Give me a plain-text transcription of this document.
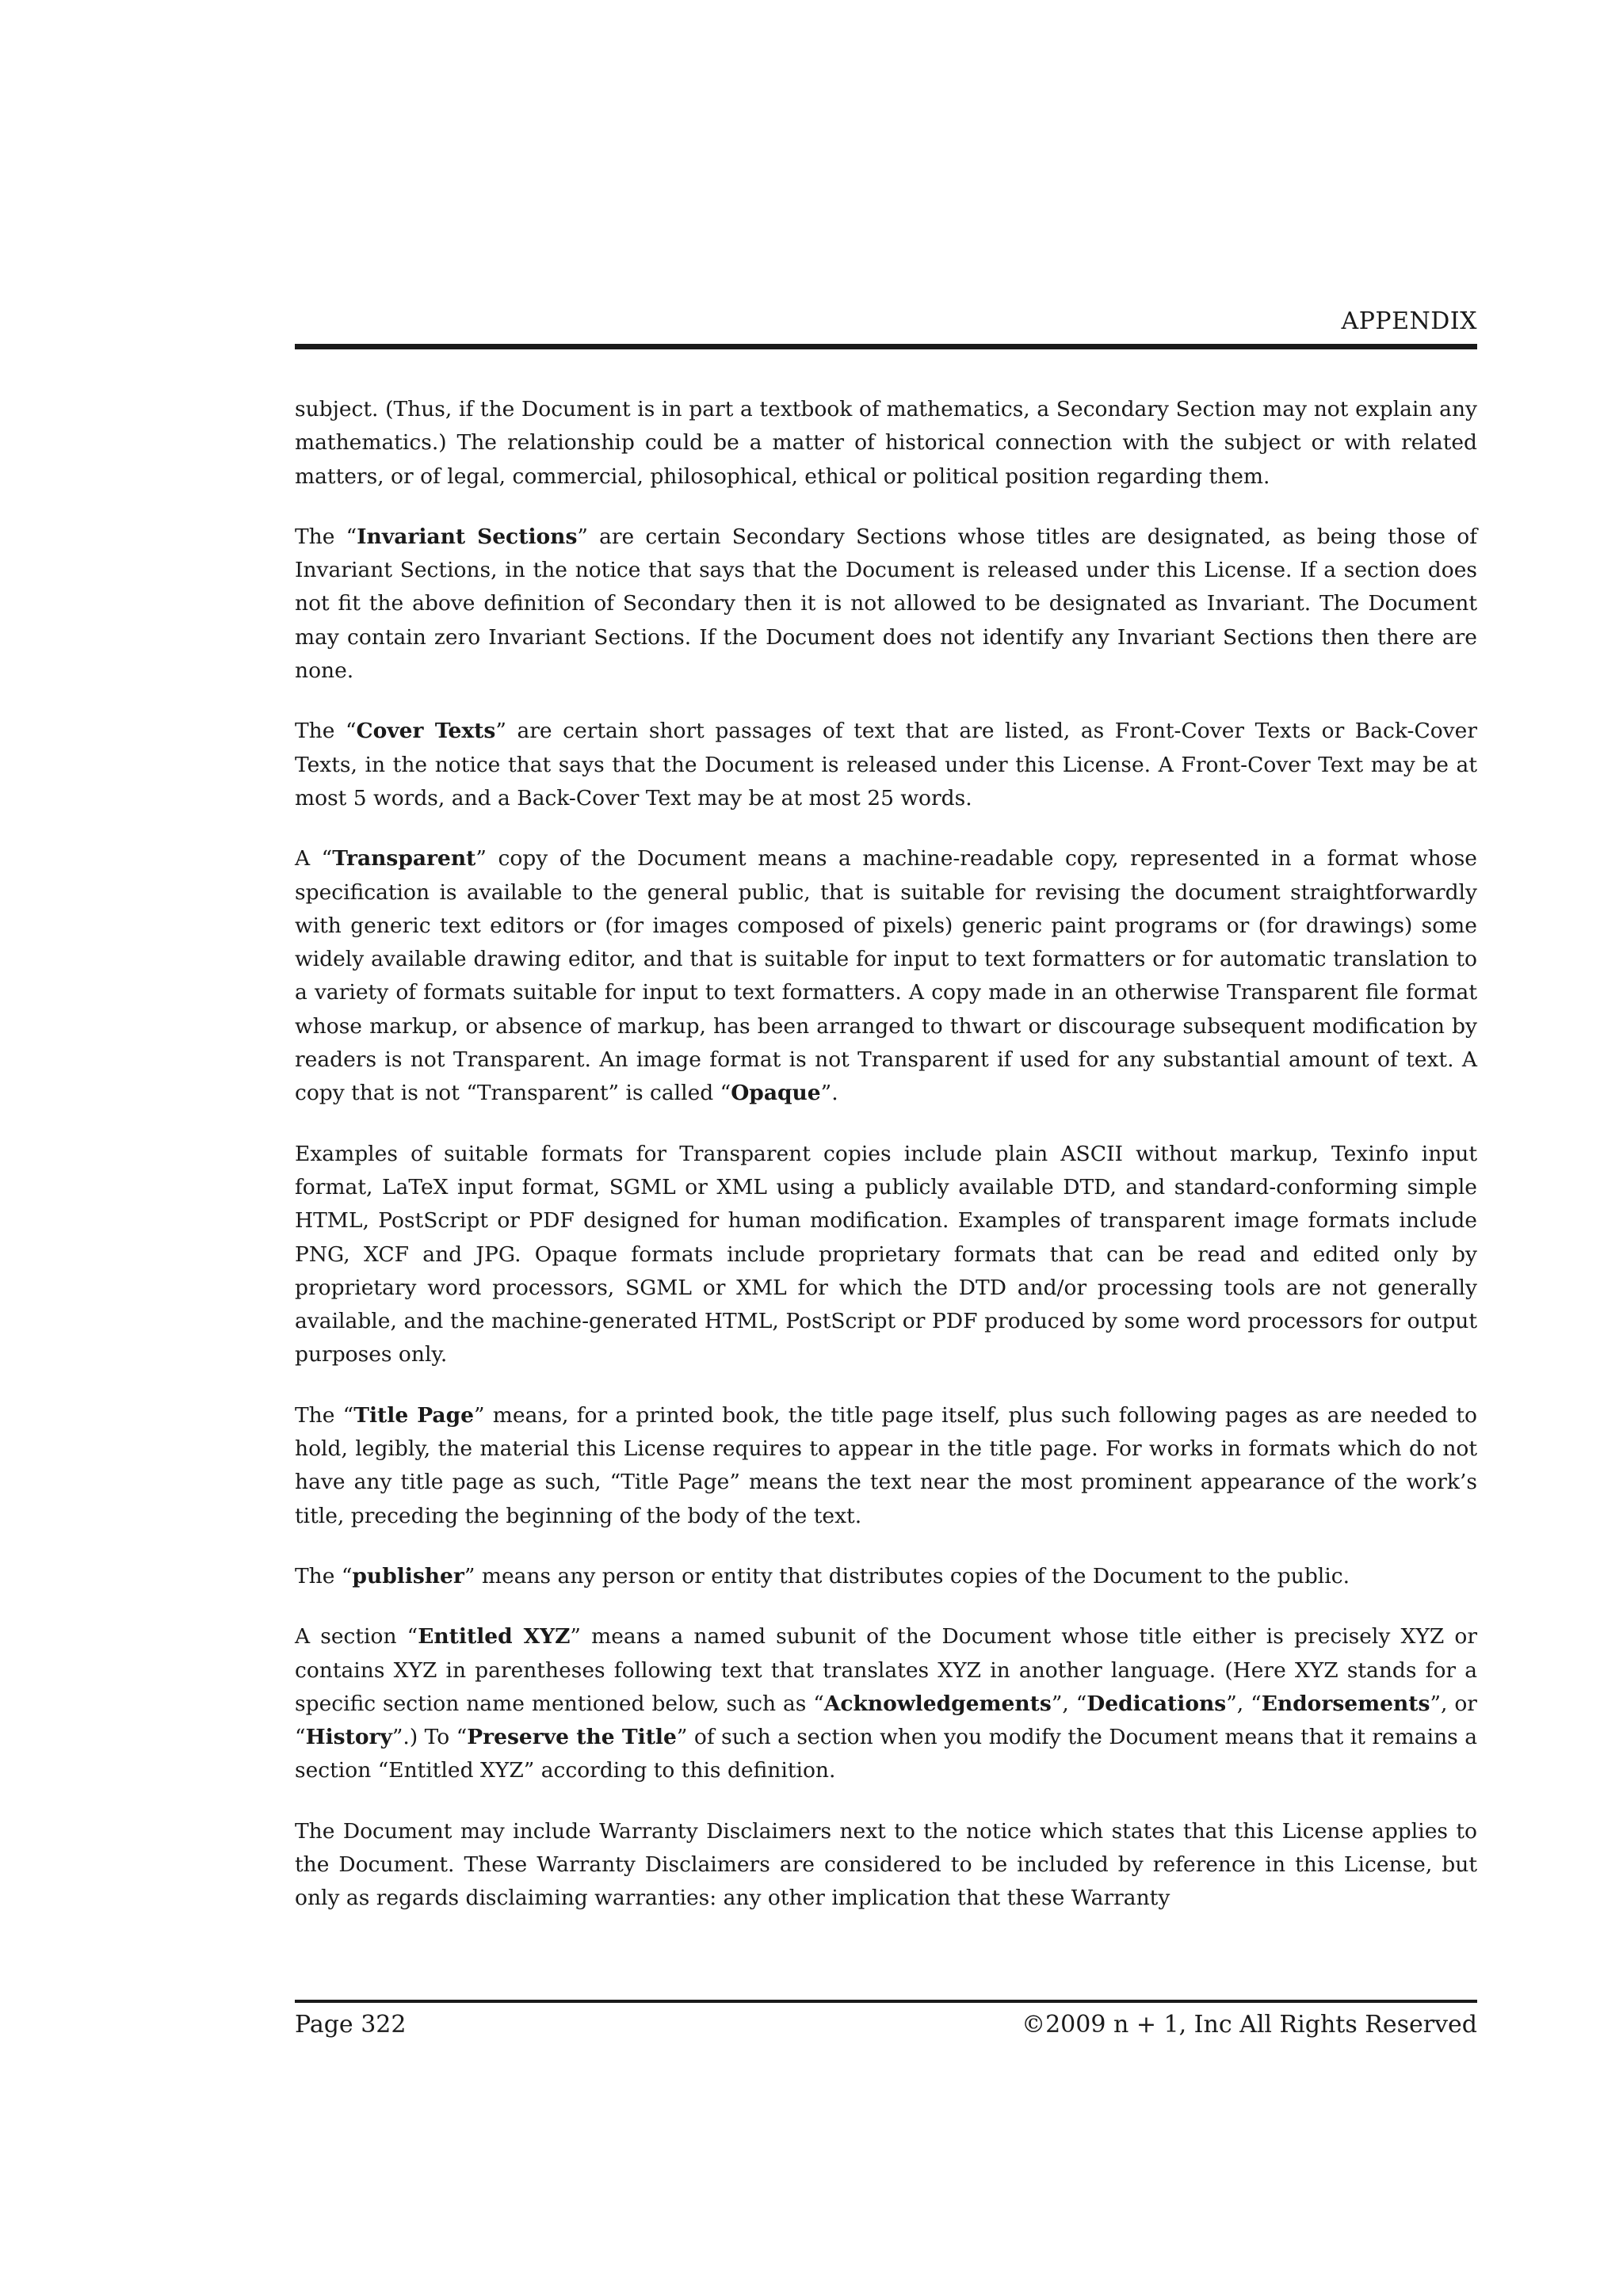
APPENDIX

subject. (Thus, if the Document is in part a textbook of mathematics, a Secondary Section may not explain any mathematics.) The relationship could be a matter of historical connection with the subject or with related matters, or of legal, commercial, philosophical, ethical or political position regarding them.

The “Invariant Sections” are certain Secondary Sections whose titles are designated, as being those of Invariant Sections, in the notice that says that the Document is released under this License. If a section does not fit the above definition of Secondary then it is not allowed to be designated as Invariant. The Document may contain zero Invariant Sections. If the Document does not identify any Invariant Sections then there are none.

The “Cover Texts” are certain short passages of text that are listed, as Front-Cover Texts or Back-Cover Texts, in the notice that says that the Document is released under this License. A Front-Cover Text may be at most 5 words, and a Back-Cover Text may be at most 25 words.

A “Transparent” copy of the Document means a machine-readable copy, represented in a format whose specification is available to the general public, that is suitable for revising the document straightforwardly with generic text editors or (for images composed of pixels) generic paint programs or (for drawings) some widely available drawing editor, and that is suitable for input to text formatters or for automatic translation to a variety of formats suitable for input to text formatters. A copy made in an otherwise Transparent file format whose markup, or absence of markup, has been arranged to thwart or discourage subsequent modification by readers is not Transparent. An image format is not Transparent if used for any substantial amount of text. A copy that is not “Transparent” is called “Opaque”.

Examples of suitable formats for Transparent copies include plain ASCII without markup, Texinfo input format, LaTeX input format, SGML or XML using a publicly available DTD, and standard-conforming simple HTML, PostScript or PDF designed for human modification. Examples of transparent image formats include PNG, XCF and JPG. Opaque formats include proprietary formats that can be read and edited only by proprietary word processors, SGML or XML for which the DTD and/or processing tools are not generally available, and the machine-generated HTML, PostScript or PDF produced by some word processors for output purposes only.

The “Title Page” means, for a printed book, the title page itself, plus such following pages as are needed to hold, legibly, the material this License requires to appear in the title page. For works in formats which do not have any title page as such, “Title Page” means the text near the most prominent appearance of the work’s title, preceding the beginning of the body of the text.

The “publisher” means any person or entity that distributes copies of the Document to the public.

A section “Entitled XYZ” means a named subunit of the Document whose title either is precisely XYZ or contains XYZ in parentheses following text that translates XYZ in another language. (Here XYZ stands for a specific section name mentioned below, such as “Acknowledgements”, “Dedications”, “Endorsements”, or “History”.) To “Preserve the Title” of such a section when you modify the Document means that it remains a section “Entitled XYZ” according to this definition.

The Document may include Warranty Disclaimers next to the notice which states that this License applies to the Document. These Warranty Disclaimers are considered to be included by reference in this License, but only as regards disclaiming warranties: any other implication that these Warranty

Page 322	©2009 n + 1, Inc All Rights Reserved
